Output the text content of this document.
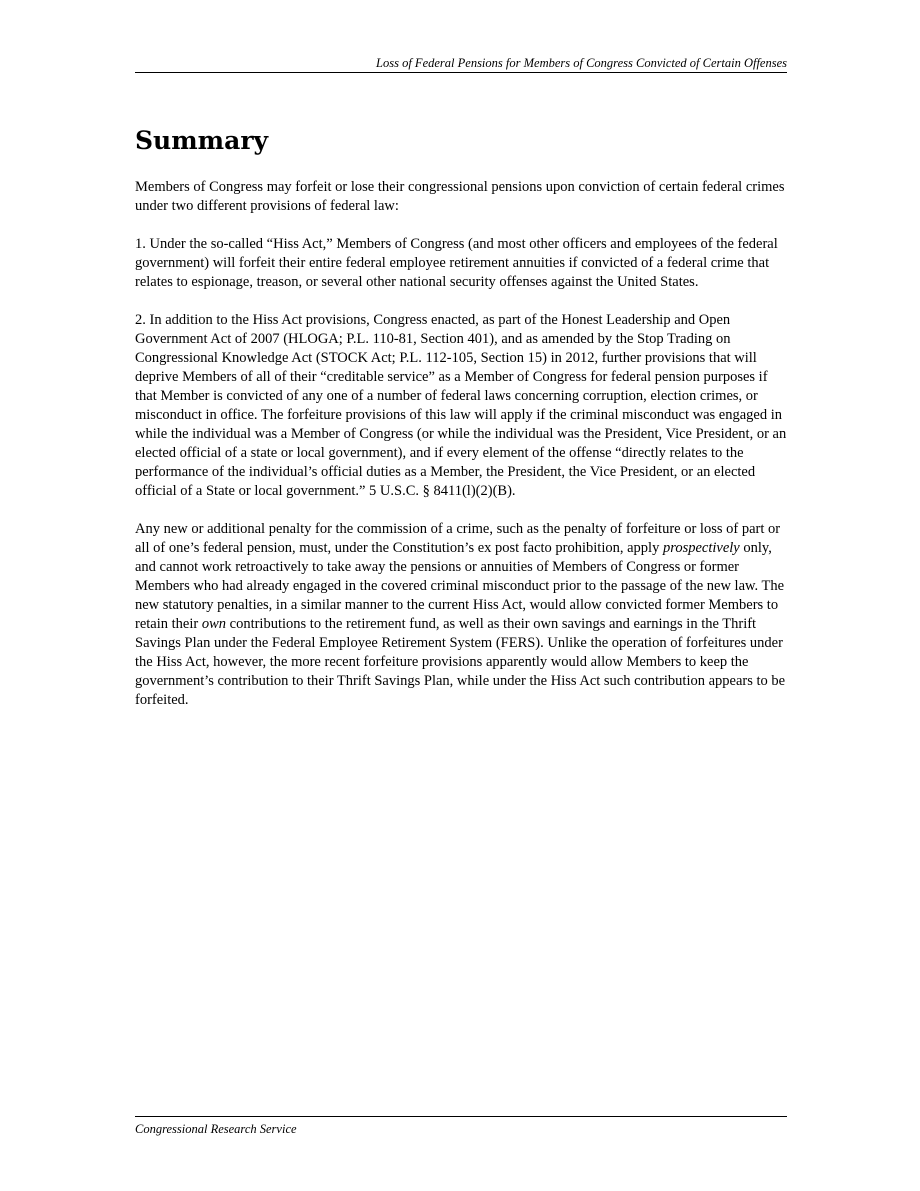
Loss of Federal Pensions for Members of Congress Convicted of Certain Offenses
Summary

Members of Congress may forfeit or lose their congressional pensions upon conviction of certain federal crimes under two different provisions of federal law:

1. Under the so-called “Hiss Act,” Members of Congress (and most other officers and employees of the federal government) will forfeit their entire federal employee retirement annuities if convicted of a federal crime that relates to espionage, treason, or several other national security offenses against the United States.

2. In addition to the Hiss Act provisions, Congress enacted, as part of the Honest Leadership and Open Government Act of 2007 (HLOGA; P.L. 110-81, Section 401), and as amended by the Stop Trading on Congressional Knowledge Act (STOCK Act; P.L. 112-105, Section 15) in 2012, further provisions that will deprive Members of all of their “creditable service” as a Member of Congress for federal pension purposes if that Member is convicted of any one of a number of federal laws concerning corruption, election crimes, or misconduct in office. The forfeiture provisions of this law will apply if the criminal misconduct was engaged in while the individual was a Member of Congress (or while the individual was the President, Vice President, or an elected official of a state or local government), and if every element of the offense “directly relates to the performance of the individual’s official duties as a Member, the President, the Vice President, or an elected official of a State or local government.” 5 U.S.C. § 8411(l)(2)(B).

Any new or additional penalty for the commission of a crime, such as the penalty of forfeiture or loss of part or all of one’s federal pension, must, under the Constitution’s ex post facto prohibition, apply prospectively only, and cannot work retroactively to take away the pensions or annuities of Members of Congress or former Members who had already engaged in the covered criminal misconduct prior to the passage of the new law. The new statutory penalties, in a similar manner to the current Hiss Act, would allow convicted former Members to retain their own contributions to the retirement fund, as well as their own savings and earnings in the Thrift Savings Plan under the Federal Employee Retirement System (FERS). Unlike the operation of forfeitures under the Hiss Act, however, the more recent forfeiture provisions apparently would allow Members to keep the government’s contribution to their Thrift Savings Plan, while under the Hiss Act such contribution appears to be forfeited.

Congressional Research Service
